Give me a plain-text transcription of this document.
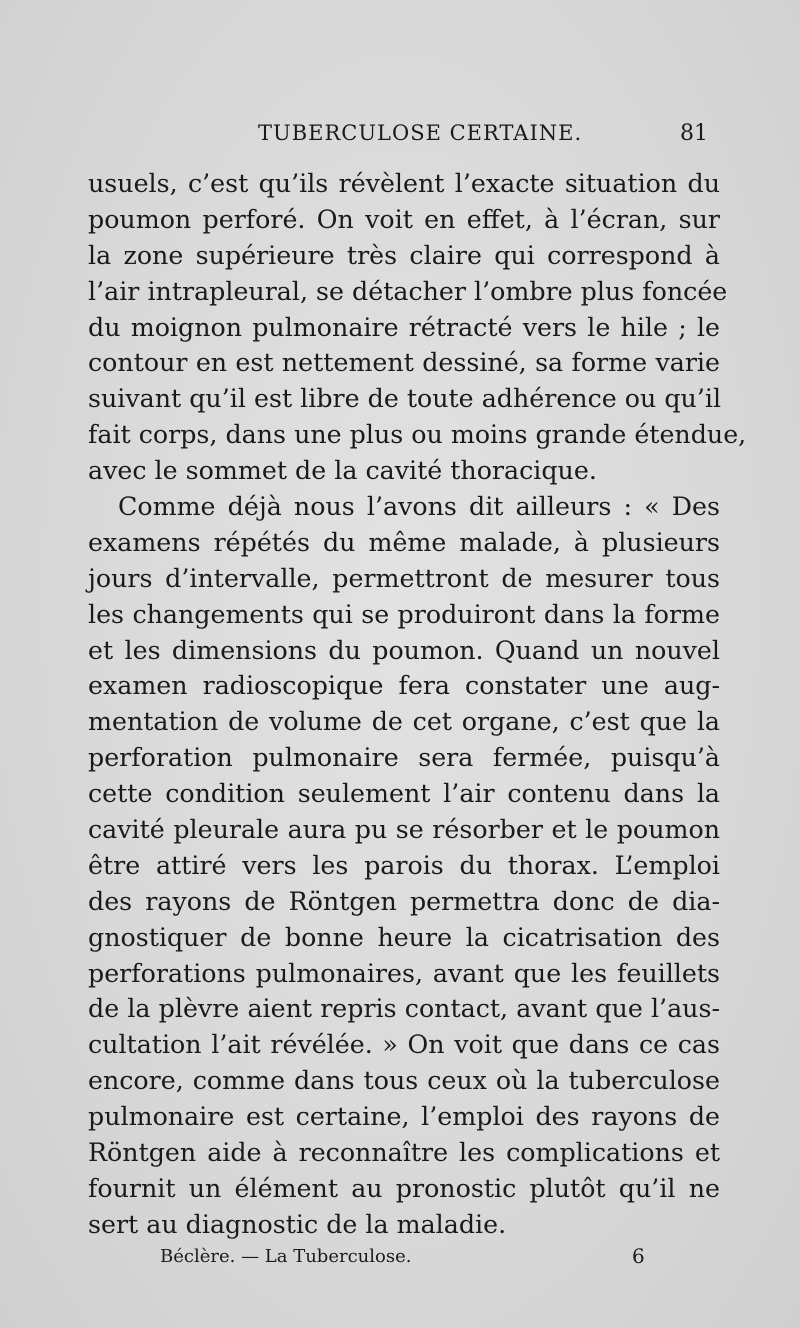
TUBERCULOSE CERTAINE.	81
usuels, c’est qu’ils révèlent l’exacte situation du
poumon perforé. On voit en effet, à l’écran, sur
la zone supérieure très claire qui correspond à
l’air intrapleural, se détacher l’ombre plus foncée
du moignon pulmonaire rétracté vers le hile ; le
contour en est nettement dessiné, sa forme varie
suivant qu’il est libre de toute adhérence ou qu’il
fait corps, dans une plus ou moins grande étendue,
avec le sommet de la cavité thoracique.
Comme déjà nous l’avons dit ailleurs : « Des
examens répétés du même malade, à plusieurs
jours d’intervalle, permettront de mesurer tous
les changements qui se produiront dans la forme
et les dimensions du poumon. Quand un nouvel
examen radioscopique fera constater une aug-
mentation de volume de cet organe, c’est que la
perforation pulmonaire sera fermée, puisqu’à
cette condition seulement l’air contenu dans la
cavité pleurale aura pu se résorber et le poumon
être attiré vers les parois du thorax. L’emploi
des rayons de Röntgen permettra donc de dia-
gnostiquer de bonne heure la cicatrisation des
perforations pulmonaires, avant que les feuillets
de la plèvre aient repris contact, avant que l’aus-
cultation l’ait révélée. » On voit que dans ce cas
encore, comme dans tous ceux où la tuberculose
pulmonaire est certaine, l’emploi des rayons de
Röntgen aide à reconnaître les complications et
fournit un élément au pronostic plutôt qu’il ne
sert au diagnostic de la maladie.
Béclère. — La Tuberculose.	6
